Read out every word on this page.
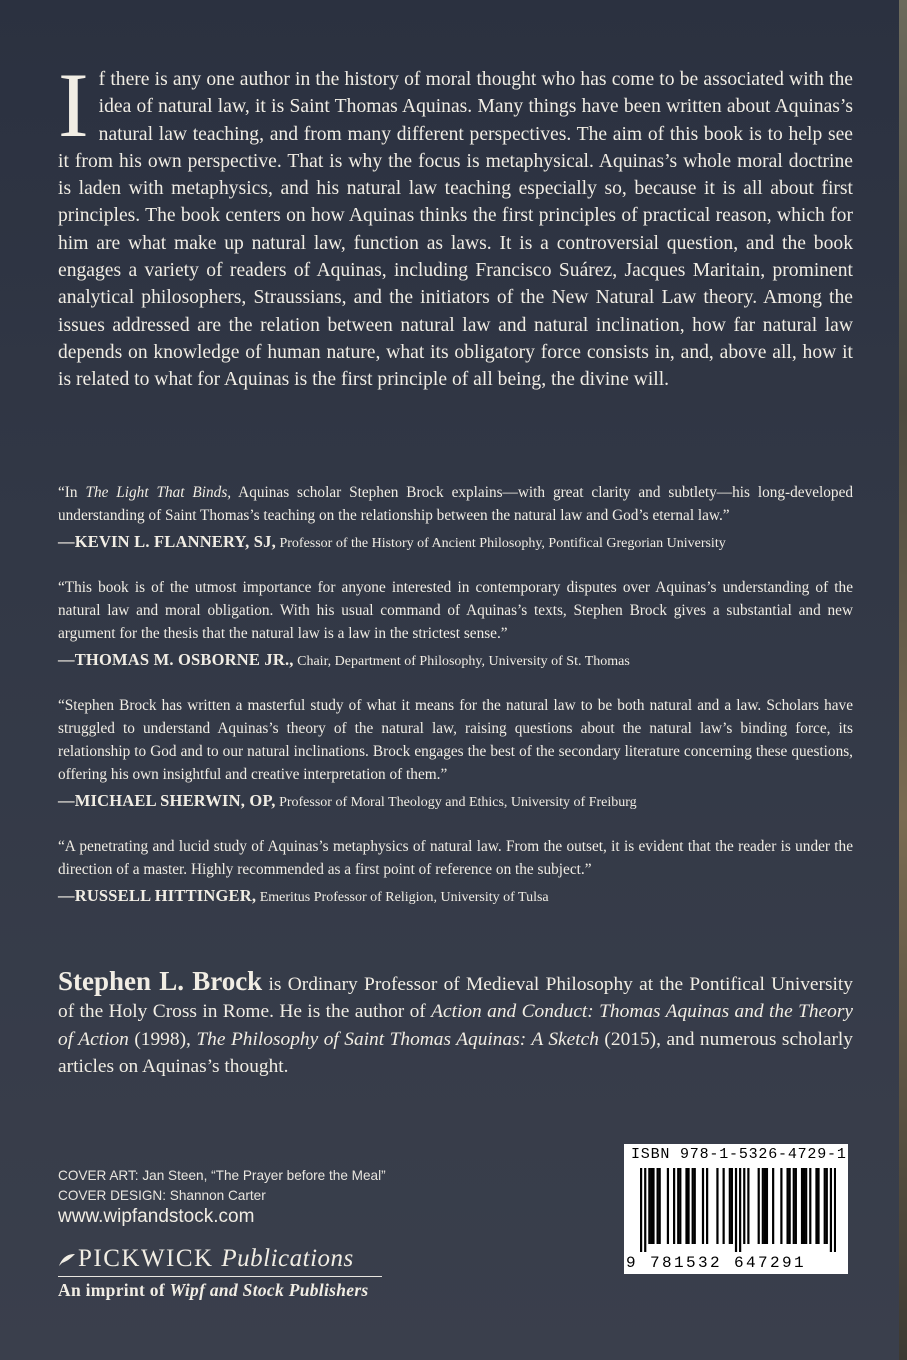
I f there is any one author in the history of moral thought who has come to be associated with the idea of natural law, it is Saint Thomas Aquinas. Many things have been written about Aquinas’s natural law teaching, and from many different perspectives. The aim of this book is to help see it from his own perspective. That is why the focus is metaphysical. Aquinas’s whole moral doctrine is laden with metaphysics, and his natural law teaching especially so, because it is all about first principles. The book centers on how Aquinas thinks the first principles of practical reason, which for him are what make up natural law, function as laws. It is a controversial question, and the book engages a variety of readers of Aquinas, including Francisco Suárez, Jacques Maritain, prominent analytical philosophers, Straussians, and the initiators of the New Natural Law theory. Among the issues addressed are the relation between natural law and natural inclination, how far natural law depends on knowledge of human nature, what its obligatory force consists in, and, above all, how it is related to what for Aquinas is the first principle of all being, the divine will.

“In The Light That Binds, Aquinas scholar Stephen Brock explains—with great clarity and subtlety—his long-developed understanding of Saint Thomas’s teaching on the relationship between the natural law and God’s eternal law.”

—KEVIN L. FLANNERY, SJ, Professor of the History of Ancient Philosophy, Pontifical Gregorian University

“This book is of the utmost importance for anyone interested in contemporary disputes over Aquinas’s understanding of the natural law and moral obligation. With his usual command of Aquinas’s texts, Stephen Brock gives a substantial and new argument for the thesis that the natural law is a law in the strictest sense.”

—THOMAS M. OSBORNE JR., Chair, Department of Philosophy, University of St. Thomas

“Stephen Brock has written a masterful study of what it means for the natural law to be both natural and a law. Scholars have struggled to understand Aquinas’s theory of the natural law, raising questions about the natural law’s binding force, its relationship to God and to our natural inclinations. Brock engages the best of the secondary literature concerning these questions, offering his own insightful and creative interpretation of them.”

—MICHAEL SHERWIN, OP, Professor of Moral Theology and Ethics, University of Freiburg

“A penetrating and lucid study of Aquinas’s metaphysics of natural law. From the outset, it is evident that the reader is under the direction of a master. Highly recommended as a first point of reference on the subject.”

—RUSSELL HITTINGER, Emeritus Professor of Religion, University of Tulsa
Stephen L. Brock is Ordinary Professor of Medieval Philosophy at the Pontifical University of the Holy Cross in Rome. He is the author of Action and Conduct: Thomas Aquinas and the Theory of Action (1998), The Philosophy of Saint Thomas Aquinas: A Sketch (2015), and numerous scholarly articles on Aquinas’s thought.
COVER ART: Jan Steen, “The Prayer before the Meal”
COVER DESIGN: Shannon Carter
www.wipfandstock.com
PICKWICK Publications
An imprint of Wipf and Stock Publishers
ISBN 978-1-5326-4729-1
9 781532 647291
